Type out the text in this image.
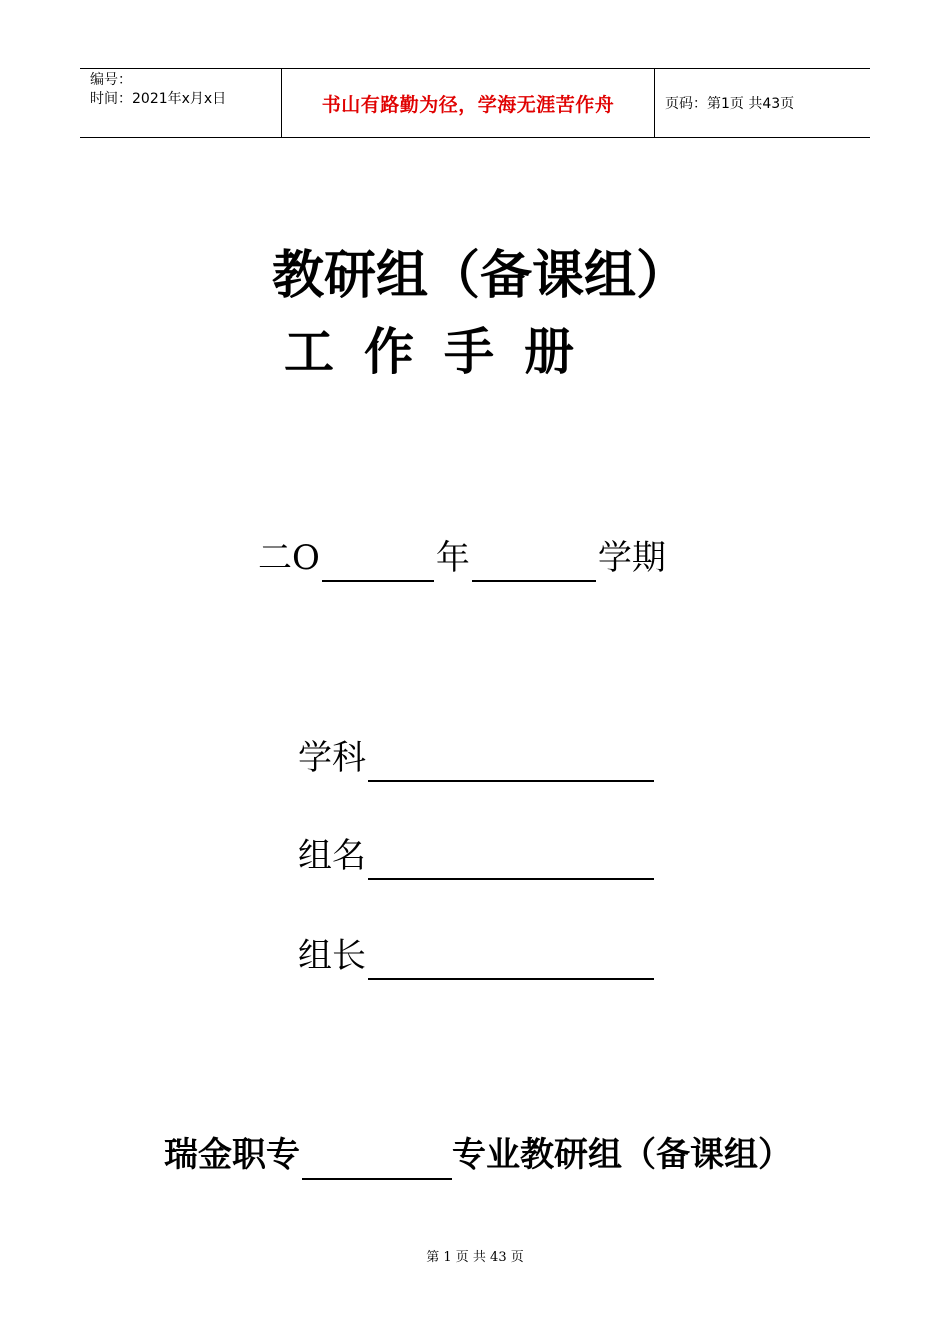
编号：
时间：2021年x月x日	书山有路勤为径，学海无涯苦作舟	页码：第1页 共43页
教研组（备课组）
工作手册
二O	年	学期
学科
组名
组长
瑞金职专	专业教研组（备课组）
第 1 页 共 43 页
